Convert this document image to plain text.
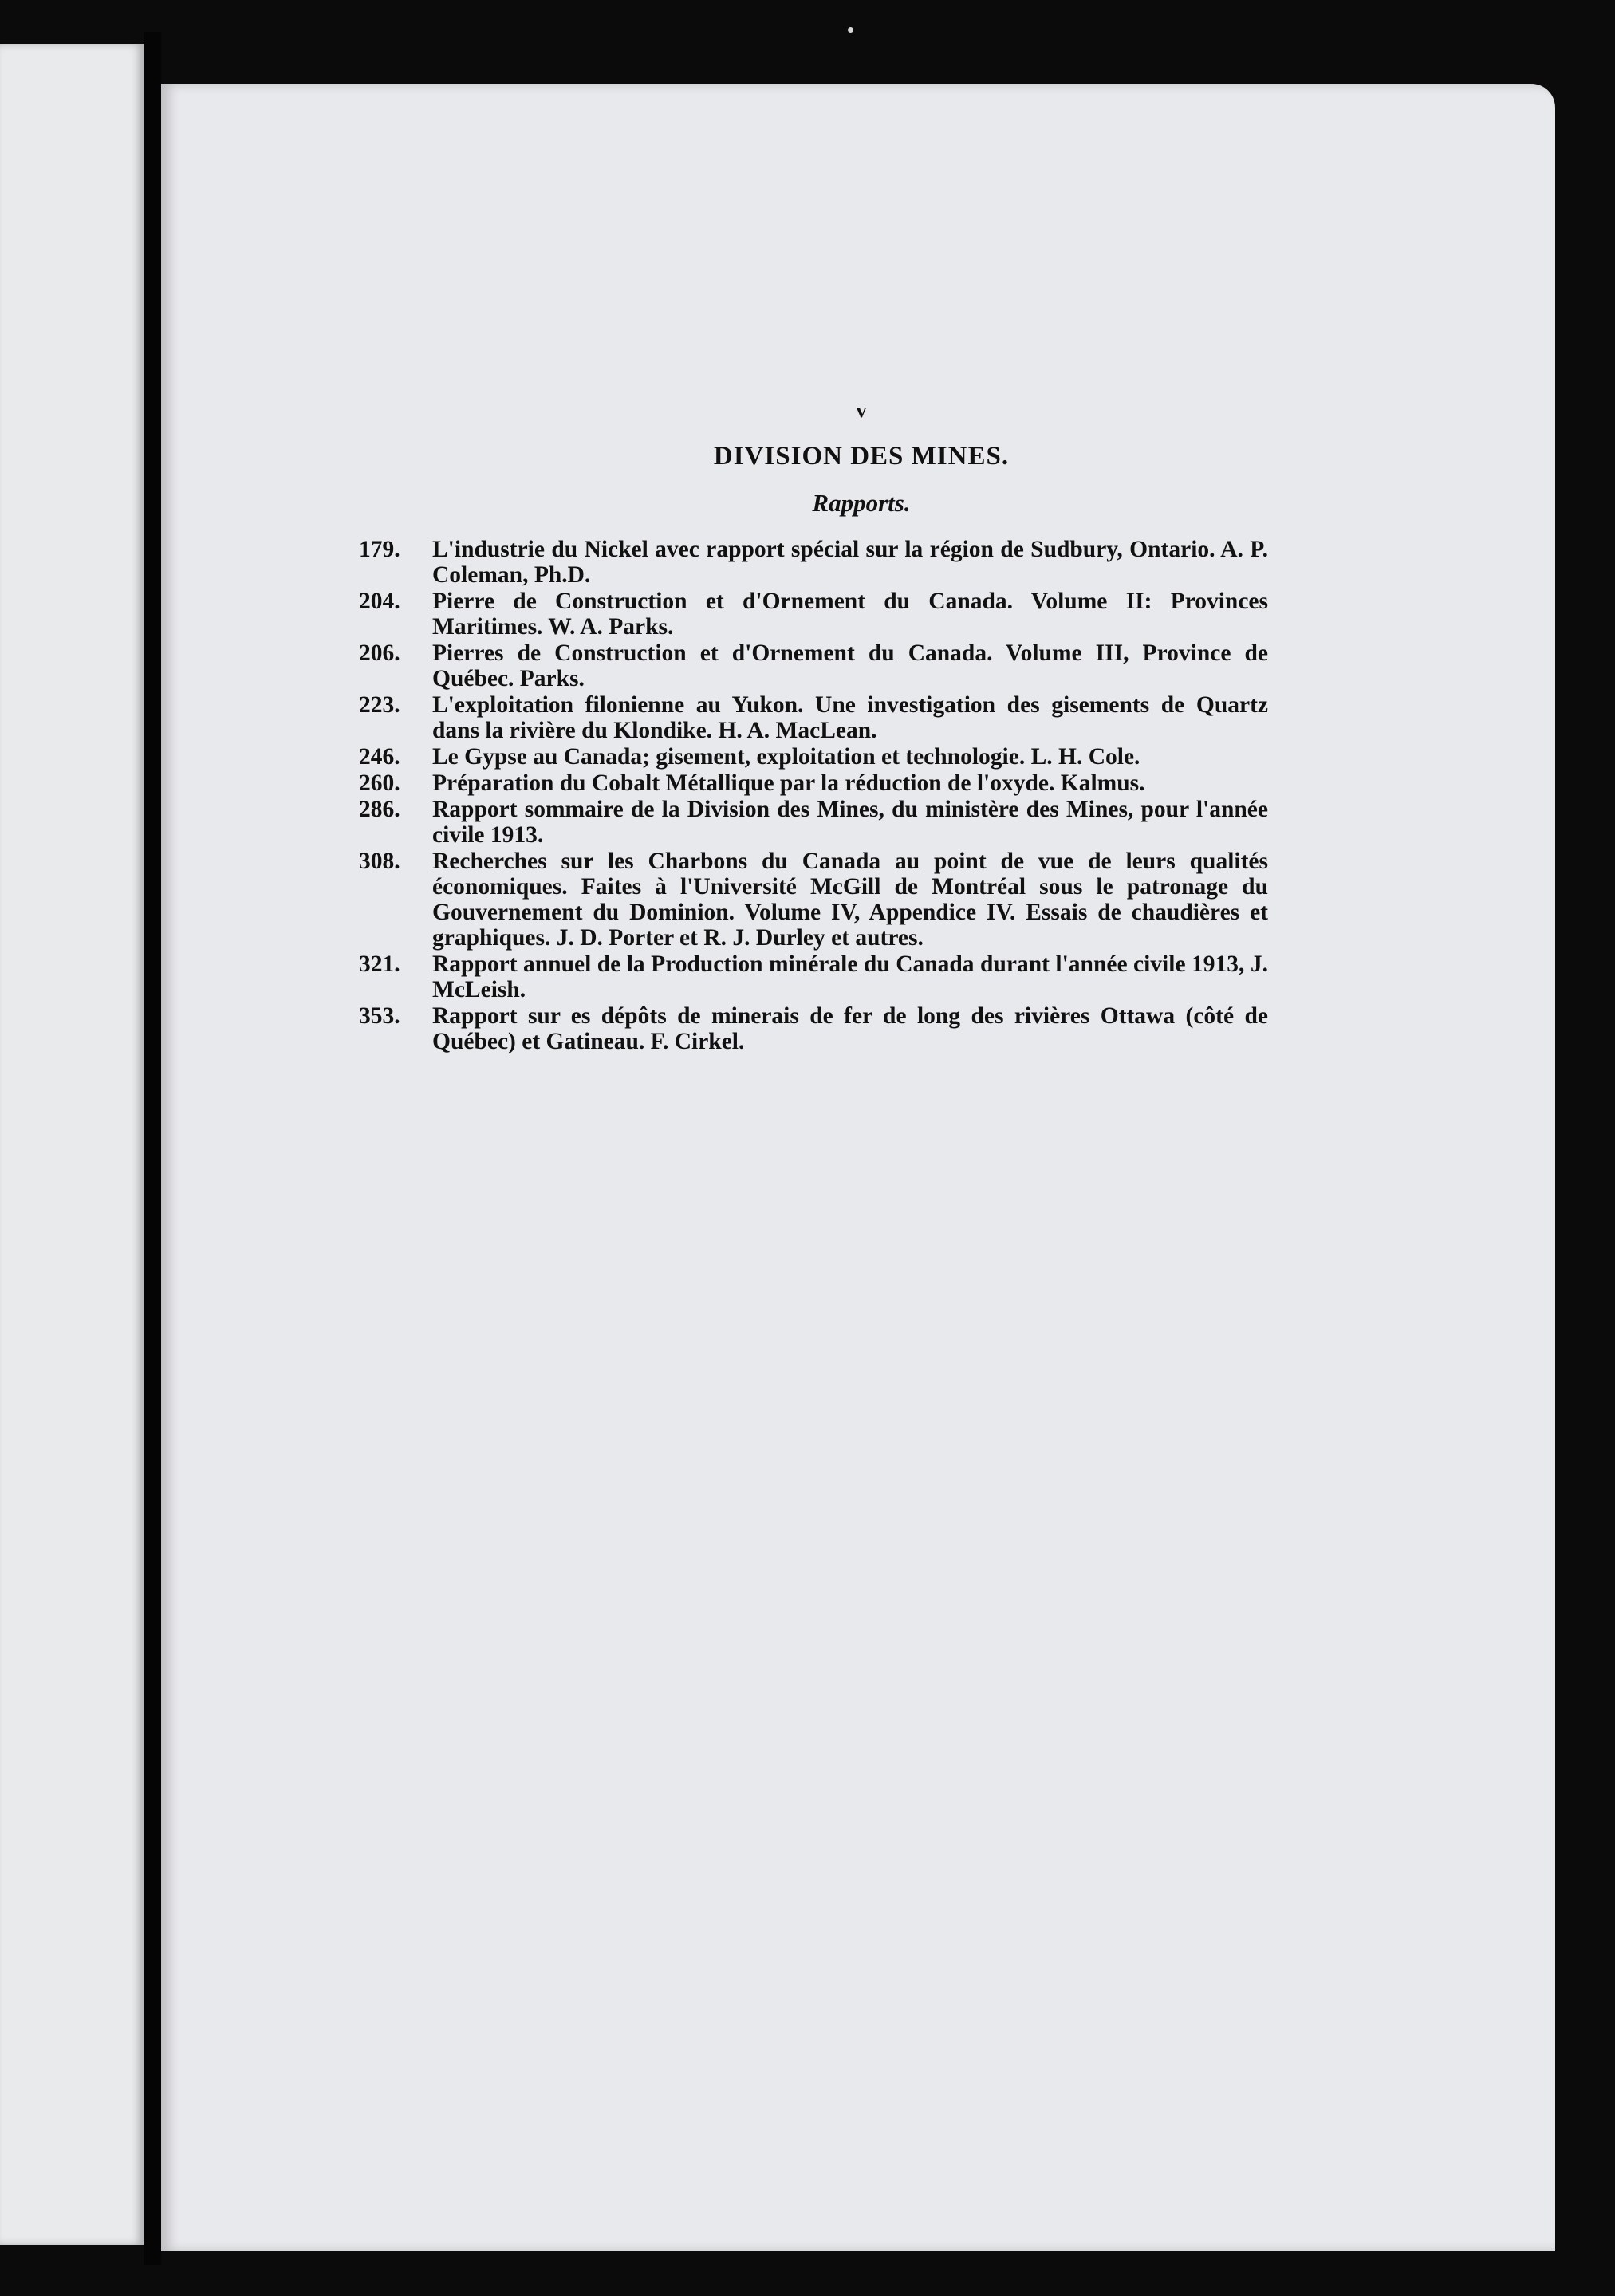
v
DIVISION DES MINES.
Rapports.
179.	L'industrie du Nickel avec rapport spécial sur la région de Sudbury, Ontario. A. P. Coleman, Ph.D.
204.	Pierre de Construction et d'Ornement du Canada. Volume II: Provinces Maritimes. W. A. Parks.
206.	Pierres de Construction et d'Ornement du Canada. Volume III, Province de Québec. Parks.
223.	L'exploitation filonienne au Yukon. Une investigation des gisements de Quartz dans la rivière du Klondike. H. A. MacLean.
246.	Le Gypse au Canada; gisement, exploitation et technologie. L. H. Cole.
260.	Préparation du Cobalt Métallique par la réduction de l'oxyde. Kalmus.
286.	Rapport sommaire de la Division des Mines, du ministère des Mines, pour l'année civile 1913.
308.	Recherches sur les Charbons du Canada au point de vue de leurs qualités économiques. Faites à l'Université McGill de Montréal sous le patronage du Gouvernement du Dominion. Volume IV, Appendice IV. Essais de chaudières et graphiques. J. D. Porter et R. J. Durley et autres.
321.	Rapport annuel de la Production minérale du Canada durant l'année civile 1913, J. McLeish.
353.	Rapport sur es dépôts de minerais de fer de long des rivières Ottawa (côté de Québec) et Gatineau. F. Cirkel.
